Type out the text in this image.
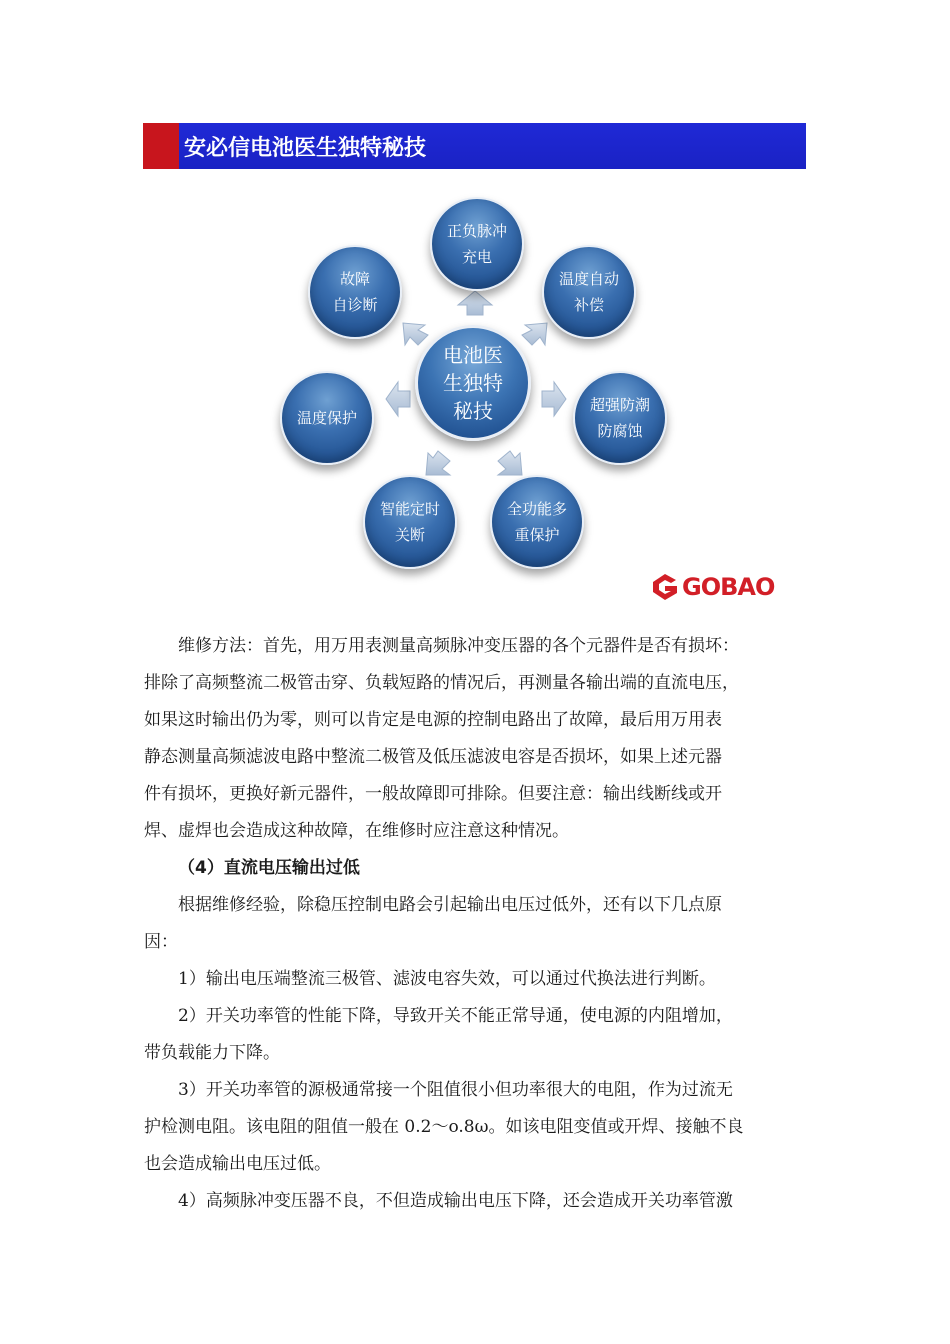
安必信电池医生独特秘技
电池医
生独特
秘技
正负脉冲
充电
温度自动
补偿
超强防潮
防腐蚀
全功能多
重保护
智能定时
关断
温度保护
故障
自诊断
GOBAO

维修方法：首先，用万用表测量高频脉冲变压器的各个元器件是否有损坏：

排除了高频整流二极管击穿、负载短路的情况后，再测量各输出端的直流电压，

如果这时输出仍为零，则可以肯定是电源的控制电路出了故障，最后用万用表

静态测量高频滤波电路中整流二极管及低压滤波电容是否损坏，如果上述元器

件有损坏，更换好新元器件，一般故障即可排除。但要注意：输出线断线或开

焊、虚焊也会造成这种故障，在维修时应注意这种情况。

（4）直流电压输出过低

根据维修经验，除稳压控制电路会引起输出电压过低外，还有以下几点原

因：

1）输出电压端整流三极管、滤波电容失效，可以通过代换法进行判断。

2）开关功率管的性能下降，导致开关不能正常导通，使电源的内阻增加，

带负载能力下降。

3）开关功率管的源极通常接一个阻值很小但功率很大的电阻，作为过流无

护检测电阻。该电阻的阻值一般在 0.2～o.8ω。如该电阻变值或开焊、接触不良

也会造成输出电压过低。

4）高频脉冲变压器不良，不但造成输出电压下降，还会造成开关功率管激
